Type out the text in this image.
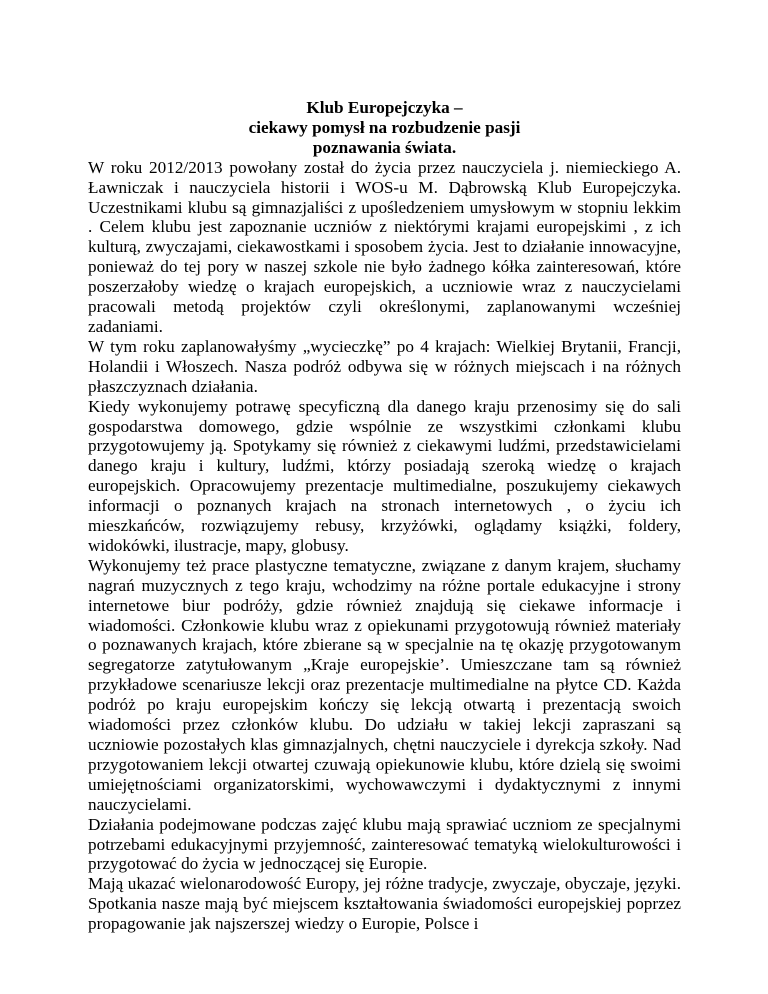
Klub Europejczyka –
ciekawy pomysł na rozbudzenie pasji
poznawania świata.

W roku 2012/2013 powołany został do życia przez nauczyciela j. niemieckiego A. Ławniczak i nauczyciela historii i WOS-u M. Dąbrowską Klub Europejczyka. Uczestnikami klubu są gimnazjaliści z upośledzeniem umysłowym w stopniu lekkim . Celem klubu jest zapoznanie uczniów z niektórymi krajami europejskimi , z ich kulturą, zwyczajami, ciekawostkami i sposobem życia. Jest to działanie innowacyjne, ponieważ do tej pory w naszej szkole nie było żadnego kółka zainteresowań, które poszerzałoby wiedzę o krajach europejskich, a uczniowie wraz z nauczycielami pracowali metodą projektów czyli określonymi, zaplanowanymi wcześniej zadaniami.

W tym roku zaplanowałyśmy „wycieczkę” po 4 krajach: Wielkiej Brytanii, Francji, Holandii i Włoszech. Nasza podróż odbywa się w różnych miejscach i na różnych płaszczyznach działania.

Kiedy wykonujemy potrawę specyficzną dla danego kraju przenosimy się do sali gospodarstwa domowego, gdzie wspólnie ze wszystkimi członkami klubu przygotowujemy ją. Spotykamy się również z ciekawymi ludźmi, przedstawicielami danego kraju i kultury, ludźmi, którzy posiadają szeroką wiedzę o krajach europejskich. Opracowujemy prezentacje multimedialne, poszukujemy ciekawych informacji o poznanych krajach na stronach internetowych , o życiu ich mieszkańców, rozwiązujemy rebusy, krzyżówki, oglądamy książki, foldery, widokówki, ilustracje, mapy, globusy.

Wykonujemy też prace plastyczne tematyczne, związane z danym krajem, słuchamy nagrań muzycznych z tego kraju, wchodzimy na różne portale edukacyjne i strony internetowe biur podróży, gdzie również znajdują się ciekawe informacje i wiadomości. Członkowie klubu wraz z opiekunami przygotowują również materiały o poznawanych krajach, które zbierane są w specjalnie na tę okazję przygotowanym segregatorze zatytułowanym „Kraje europejskie’. Umieszczane tam są również przykładowe scenariusze lekcji oraz prezentacje multimedialne na płytce CD. Każda podróż po kraju europejskim kończy się lekcją otwartą i prezentacją swoich wiadomości przez członków klubu. Do udziału w takiej lekcji zapraszani są uczniowie pozostałych klas gimnazjalnych, chętni nauczyciele i dyrekcja szkoły. Nad przygotowaniem lekcji otwartej czuwają opiekunowie klubu, które dzielą się swoimi umiejętnościami organizatorskimi, wychowawczymi i dydaktycznymi z innymi nauczycielami.

Działania podejmowane podczas zajęć klubu mają sprawiać uczniom ze specjalnymi potrzebami edukacyjnymi przyjemność, zainteresować tematyką wielokulturowości i przygotować do życia w jednoczącej się Europie.

Mają ukazać wielonarodowość Europy, jej różne tradycje, zwyczaje, obyczaje, języki. Spotkania nasze mają być miejscem kształtowania świadomości europejskiej poprzez propagowanie jak najszerszej wiedzy o Europie, Polsce i
